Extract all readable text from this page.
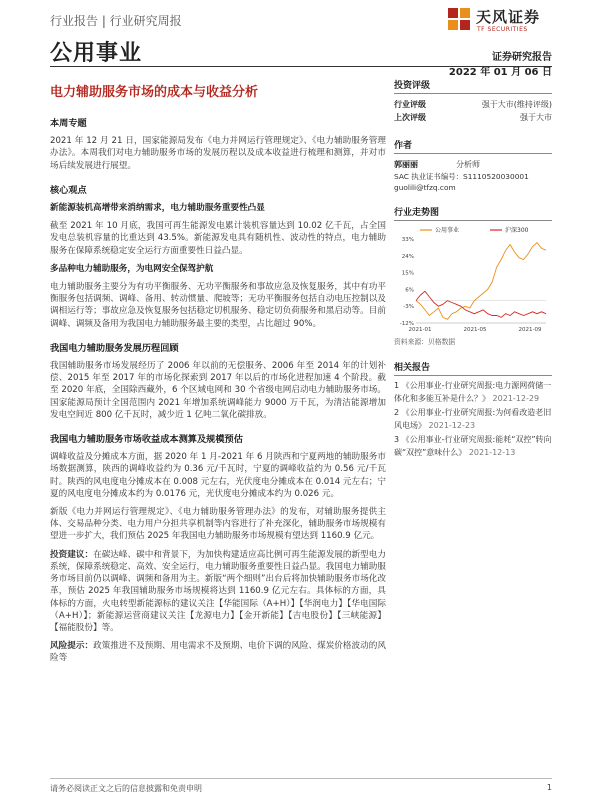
行业报告 | 行业研究周报	天风证券
TF SECURITIES
公用事业	证券研究报告
2022 年 01 月 06 日
电力辅助服务市场的成本与收益分析
本周专题

2021 年 12 月 21 日，国家能源局发布《电力并网运行管理规定》、《电力辅助服务管理办法》。本周我们对电力辅助服务市场的发展历程以及成本收益进行梳理和测算，并对市场后续发展进行展望。

核心观点
新能源装机高增带来消纳需求，电力辅助服务重要性凸显

截至 2021 年 10 月底，我国可再生能源发电累计装机容量达到 10.02 亿千瓦，占全国发电总装机容量的比重达到 43.5%。新能源发电具有随机性、波动性的特点，电力辅助服务在保障系统稳定安全运行方面重要性日益凸显。

多品种电力辅助服务，为电网安全保驾护航

电力辅助服务主要分为有功平衡服务、无功平衡服务和事故应急及恢复服务，其中有功平衡服务包括调频、调峰、备用、转动惯量、爬坡等；无功平衡服务包括自动电压控制以及调相运行等；事故应急及恢复服务包括稳定切机服务、稳定切负荷服务和黑启动等。目前调峰、调频及备用为我国电力辅助服务最主要的类型，占比超过 90%。

我国电力辅助服务发展历程回顾

我国辅助服务市场发展经历了 2006 年以前的无偿服务、2006 年至 2014 年的计划补偿、2015 年至 2017 年的市场化探索到 2017 年以后的市场化进程加速 4 个阶段。截至 2020 年底，全国除西藏外，6 个区域电网和 30 个省级电网启动电力辅助服务市场。国家能源局预计全国范围内 2021 年增加系统调峰能力 9000 万千瓦，为清洁能源增加发电空间近 800 亿千瓦时，减少近 1 亿吨二氧化碳排放。

我国电力辅助服务市场收益成本测算及规模预估

调峰收益及分摊成本方面，据 2020 年 1 月-2021 年 6 月陕西和宁夏两地的辅助服务市场数据测算，陕西的调峰收益约为 0.36 元/千瓦时，宁夏的调峰收益约为 0.56 元/千瓦时。陕西的风电度电分摊成本在 0.008 元左右，光伏度电分摊成本在 0.014 元左右；宁夏的风电度电分摊成本约为 0.0176 元，光伏度电分摊成本约为 0.026 元。

新版《电力并网运行管理规定》、《电力辅助服务管理办法》的发布，对辅助服务提供主体、交易品种分类、电力用户分担共享机制等内容进行了补充深化，辅助服务市场规模有望进一步扩大，我们预估 2025 年我国电力辅助服务市场规模有望达到 1160.9 亿元。

投资建议：在碳达峰、碳中和背景下，为加快构建适应高比例可再生能源发展的新型电力系统，保障系统稳定、高效、安全运行，电力辅助服务重要性日益凸显。我国电力辅助服务市场目前仍以调峰、调频和备用为主。新版“两个细则”出台后将加快辅助服务市场化改革，预估 2025 年我国辅助服务市场规模将达到 1160.9 亿元左右。具体标的方面，具体标的方面，火电转型新能源标的建议关注【华能国际（A+H）】【华润电力】【华电国际（A+H）】；新能源运营商建议关注【龙源电力】【金开新能】【吉电股份】【三峡能源】【福能股份】等。

风险提示：政策推进不及预期、用电需求不及预期、电价下调的风险、煤炭价格波动的风险等

投资评级
行业评级	强于大市(维持评级)
上次评级	强于大市
作者
郭丽丽	分析师
SAC 执业证书编号：S1110520030001
guolili@tfzq.com
行业走势图
33%
24%
15%
6%
-3%
-12%
2021-01	2021-05	2021-09
公用事业	沪深300
资料来源：贝格数据
相关报告

1 《公用事业-行业研究周报:电力源网荷储一体化和多能互补是什么？》 2021-12-29

2 《公用事业-行业研究周报:为何看改造老旧风电场》 2021-12-23

3 《公用事业-行业研究周报:能耗“双控”转向碳“双控”意味什么》 2021-12-13

请务必阅读正文之后的信息披露和免责申明	1
